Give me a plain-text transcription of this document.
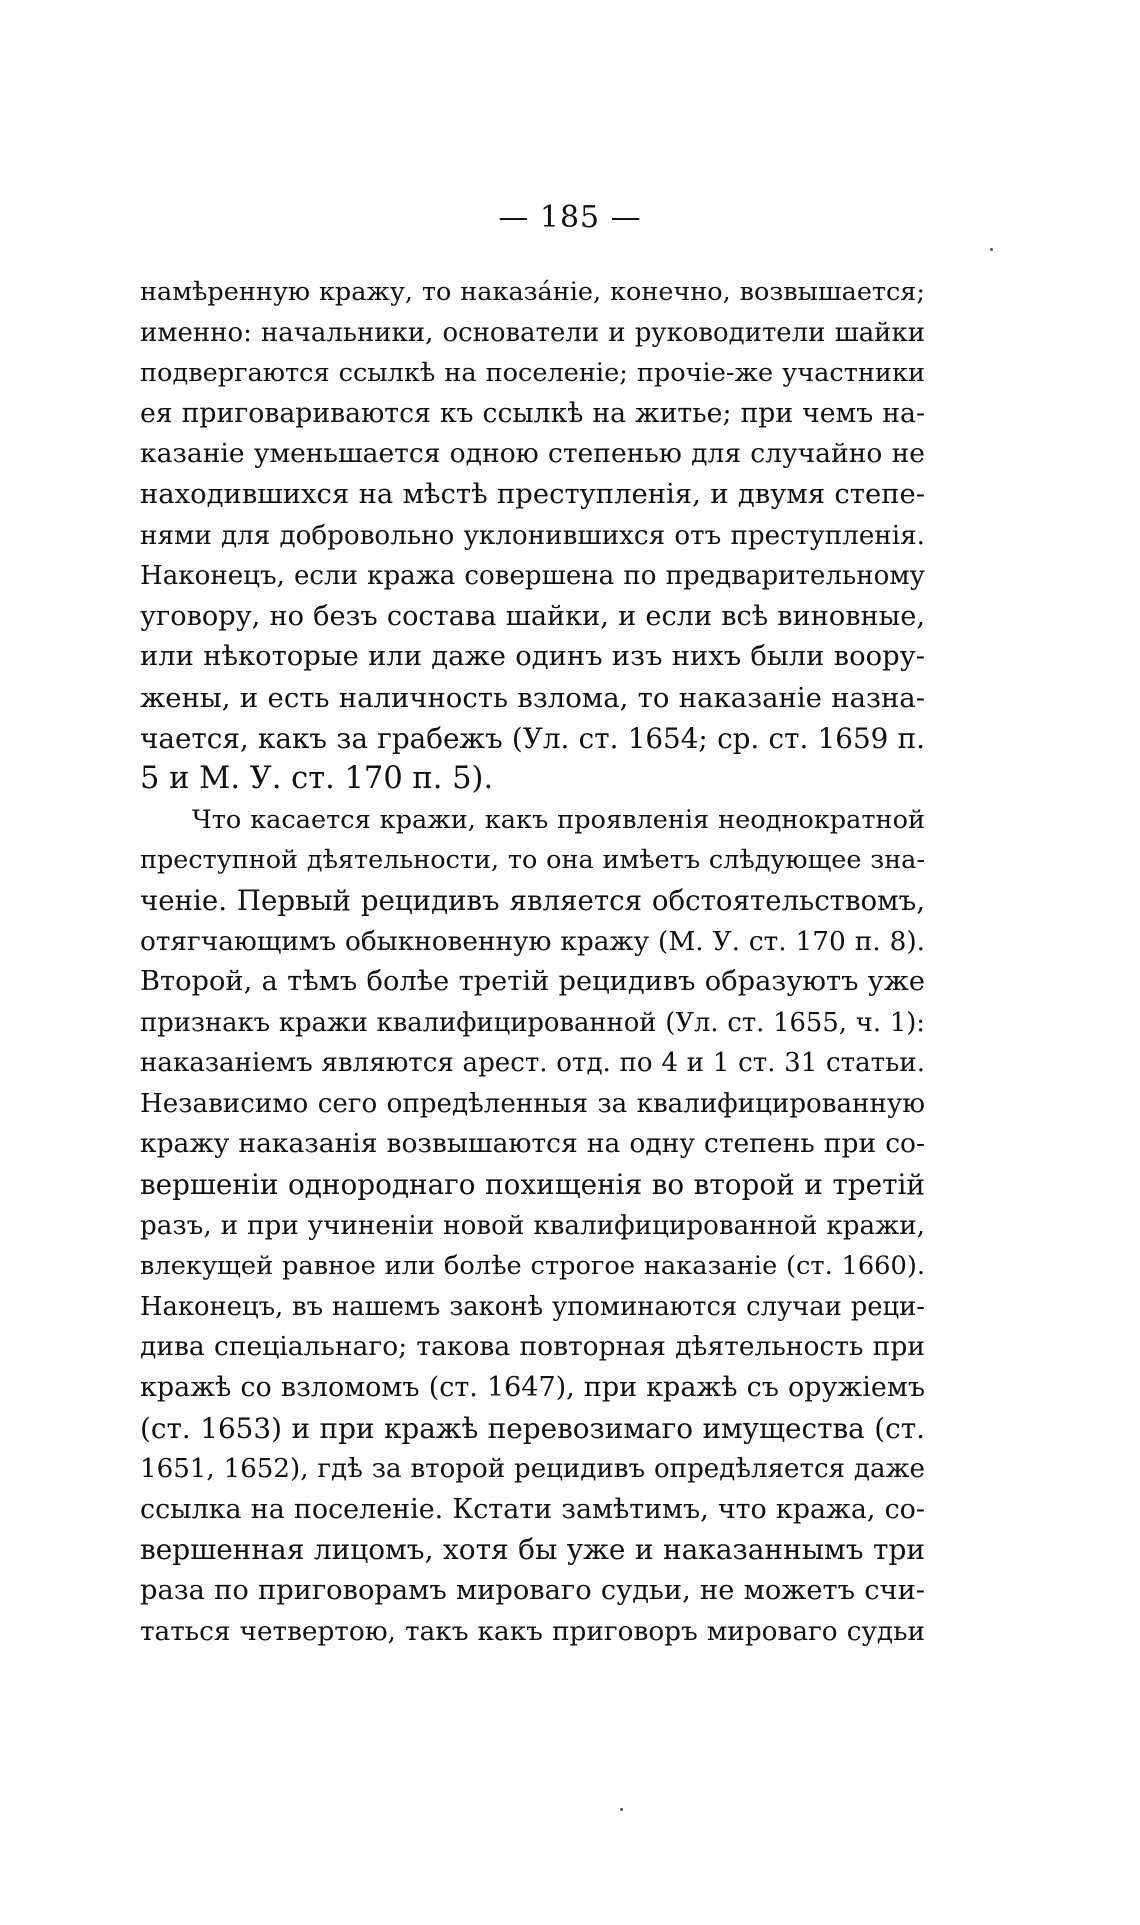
— 185 —
намѣренную кражу, то наказáніе, конечно, возвышается;
именно: начальники, основатели и руководители шайки
подвергаются ссылкѣ на поселеніе; прочіе-же участники
ея приговариваются къ ссылкѣ на житье; при чемъ на-
казаніе уменьшается одною степенью для случайно не
находившихся на мѣстѣ преступленія, и двумя степе-
нями для добровольно уклонившихся отъ преступленія.
Наконецъ, если кража совершена по предварительному
уговору, но безъ состава шайки, и если всѣ виновные,
или нѣкоторые или даже одинъ изъ нихъ были воору-
жены, и есть наличность взлома, то наказаніе назна-
чается, какъ за грабежъ (Ул. ст. 1654; ср. ст. 1659 п.
5 и М. У. ст. 170 п. 5).
Что касается кражи, какъ проявленія неоднократной
преступной дѣятельности, то она имѣетъ слѣдующее зна-
ченіе. Первый рецидивъ является обстоятельствомъ,
отягчающимъ обыкновенную кражу (М. У. ст. 170 п. 8).
Второй, а тѣмъ болѣе третій рецидивъ образуютъ уже
признакъ кражи квалифицированной (Ул. ст. 1655, ч. 1):
наказаніемъ являются арест. отд. по 4 и 1 ст. 31 статьи.
Независимо сего опредѣленныя за квалифицированную
кражу наказанія возвышаются на одну степень при со-
вершеніи однороднаго похищенія во второй и третій
разъ, и при учиненіи новой квалифицированной кражи,
влекущей равное или болѣе строгое наказаніе (ст. 1660).
Наконецъ, въ нашемъ законѣ упоминаются случаи реци-
дива спеціальнаго; такова повторная дѣятельность при
кражѣ со взломомъ (ст. 1647), при кражѣ съ оружіемъ
(ст. 1653) и при кражѣ перевозимаго имущества (ст.
1651, 1652), гдѣ за второй рецидивъ опредѣляется даже
ссылка на поселеніе. Кстати замѣтимъ, что кража, со-
вершенная лицомъ, хотя бы уже и наказаннымъ три
раза по приговорамъ мироваго судьи, не можетъ счи-
таться четвертою, такъ какъ приговоръ мироваго судьи
